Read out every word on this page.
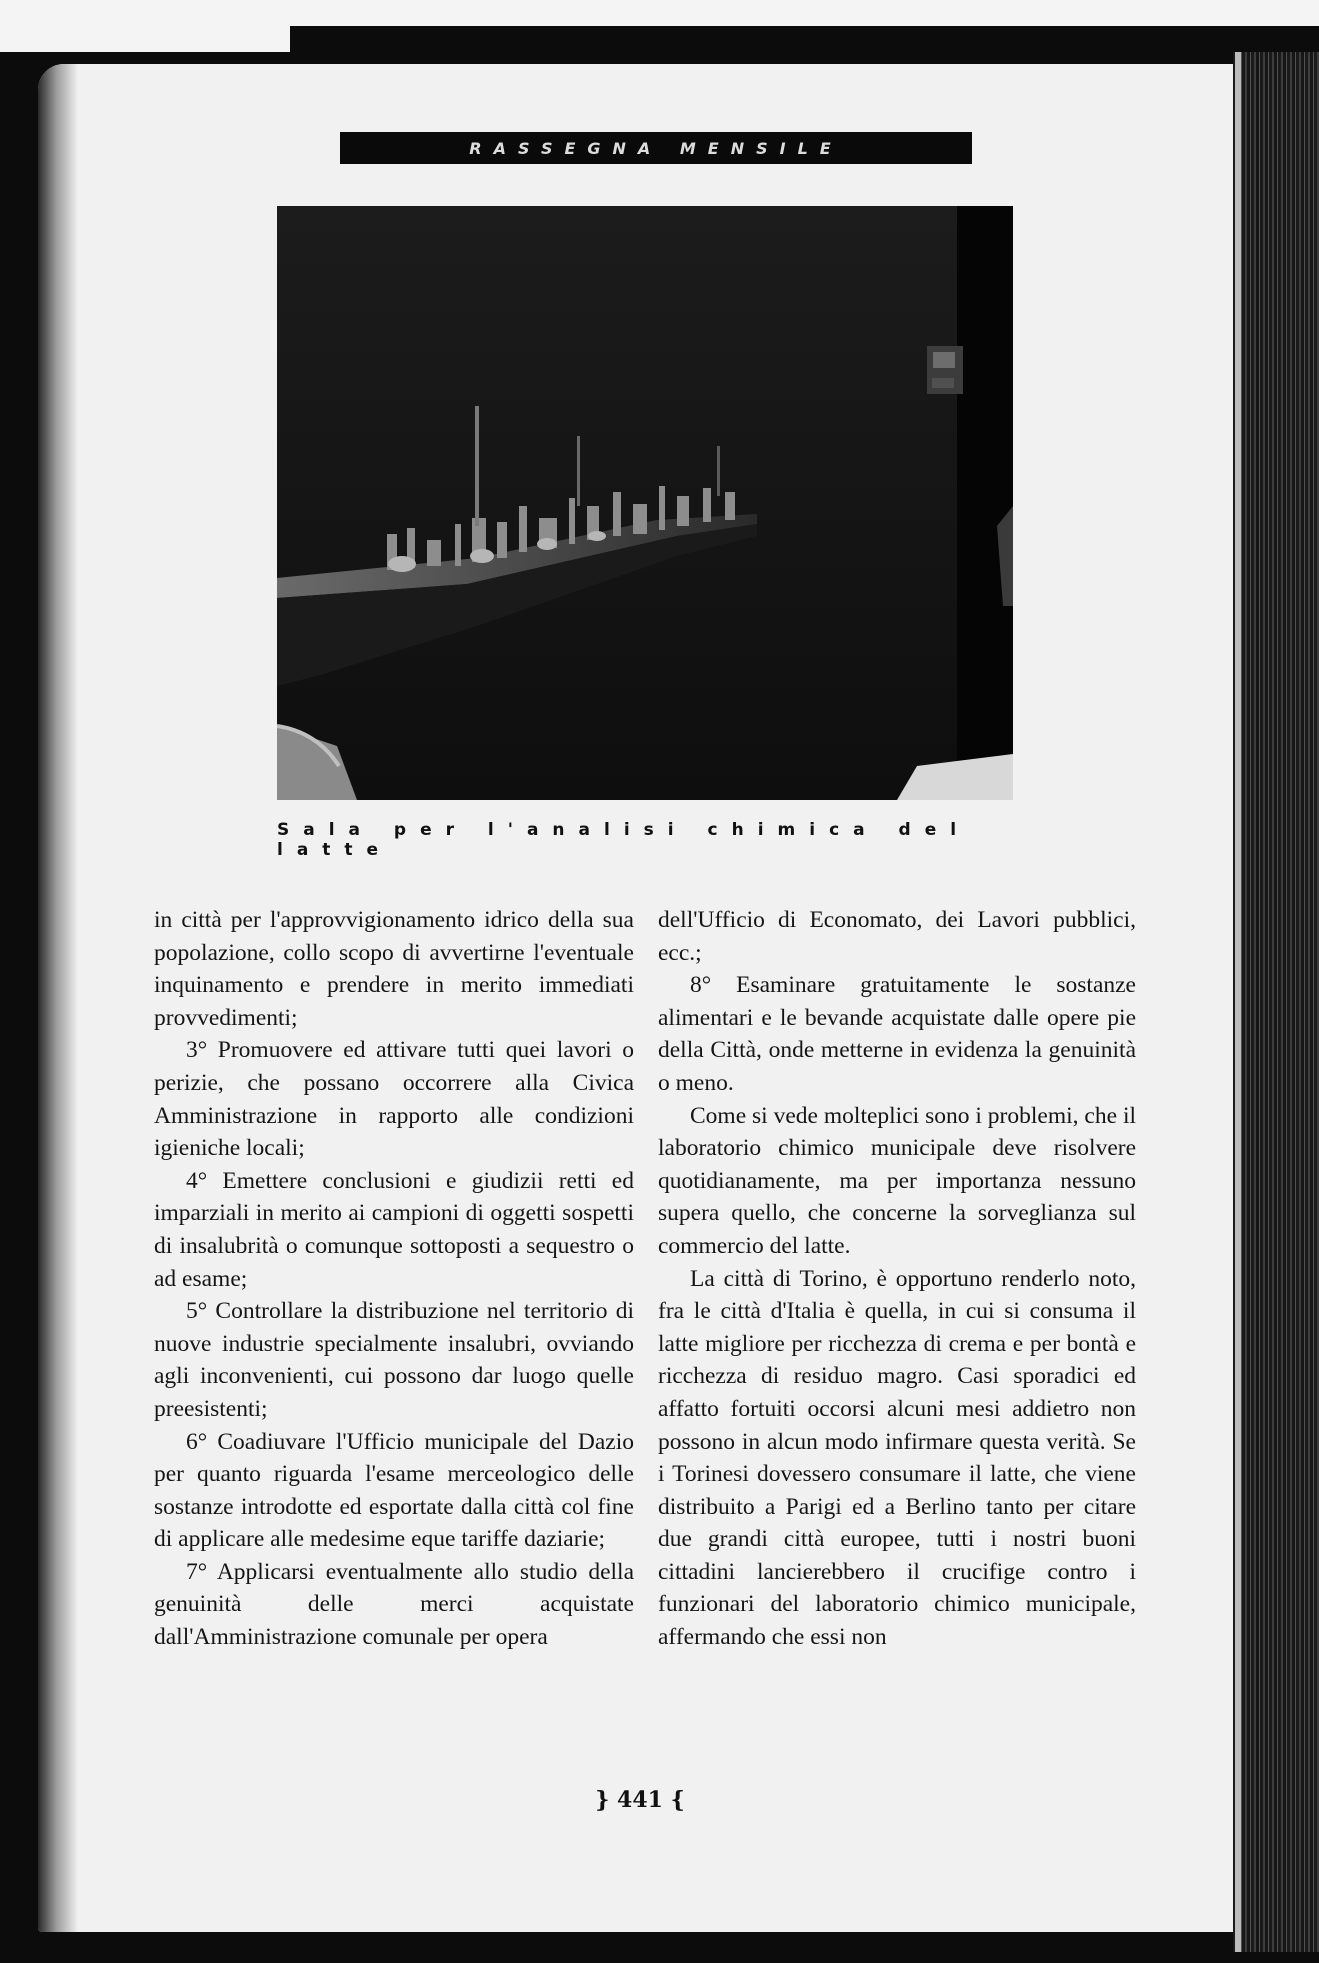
RASSEGNA MENSILE
Sala per l'analisi chimica del latte

in città per l'approvvigionamento idrico della sua popolazione, collo scopo di avvertirne l'eventuale inquinamento e prendere in merito immediati provvedimenti;

3° Promuovere ed attivare tutti quei lavori o perizie, che possano occorrere alla Civica Amministrazione in rapporto alle condizioni igieniche locali;

4° Emettere conclusioni e giudizii retti ed imparziali in merito ai campioni di oggetti sospetti di insalubrità o comunque sottoposti a sequestro o ad esame;

5° Controllare la distribuzione nel territorio di nuove industrie specialmente insalubri, ovviando agli inconvenienti, cui possono dar luogo quelle preesistenti;

6° Coadiuvare l'Ufficio municipale del Dazio per quanto riguarda l'esame merceologico delle sostanze introdotte ed esportate dalla città col fine di applicare alle medesime eque tariffe daziarie;

7° Applicarsi eventualmente allo studio della genuinità delle merci acquistate dall'Amministrazione comunale per opera

dell'Ufficio di Economato, dei Lavori pubblici, ecc.;

8° Esaminare gratuitamente le sostanze alimentari e le bevande acquistate dalle opere pie della Città, onde metterne in evidenza la genuinità o meno.

Come si vede molteplici sono i problemi, che il laboratorio chimico municipale deve risolvere quotidianamente, ma per importanza nessuno supera quello, che concerne la sorveglianza sul commercio del latte.

La città di Torino, è opportuno renderlo noto, fra le città d'Italia è quella, in cui si consuma il latte migliore per ricchezza di crema e per bontà e ricchezza di residuo magro. Casi sporadici ed affatto fortuiti occorsi alcuni mesi addietro non possono in alcun modo infirmare questa verità. Se i Torinesi dovessero consumare il latte, che viene distribuito a Parigi ed a Berlino tanto per citare due grandi città europee, tutti i nostri buoni cittadini lancierebbero il crucifige contro i funzionari del laboratorio chimico municipale, affermando che essi non

} 441 {
